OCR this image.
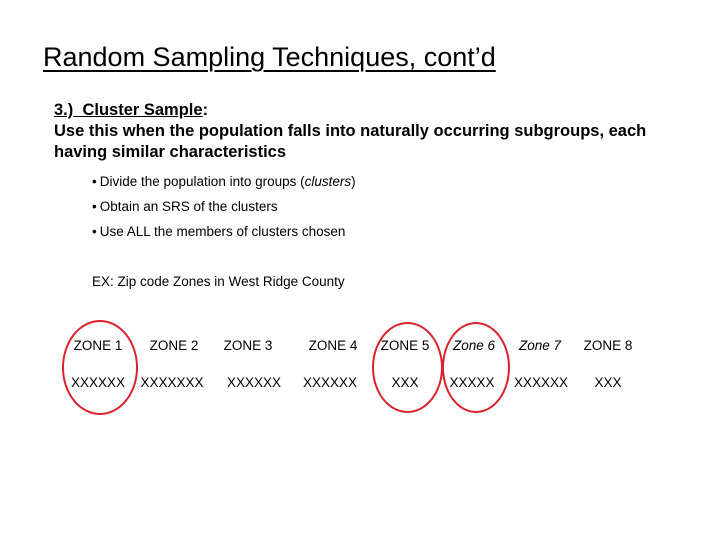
Random Sampling Techniques, cont’d
3.) Cluster Sample:
Use this when the population falls into naturally occurring subgroups, each having similar characteristics
• Divide the population into groups (clusters)
• Obtain an SRS of the clusters
• Use ALL the members of clusters chosen
EX: Zip code Zones in West Ridge County
ZONE 1 ZONE 2 ZONE 3	ZONE 4 ZONE 5 Zone 6 Zone 7 ZONE 8
XXXXXX XXXXXXX XXXXXX XXXXXX	XXX XXXXX XXXXXX XXX
